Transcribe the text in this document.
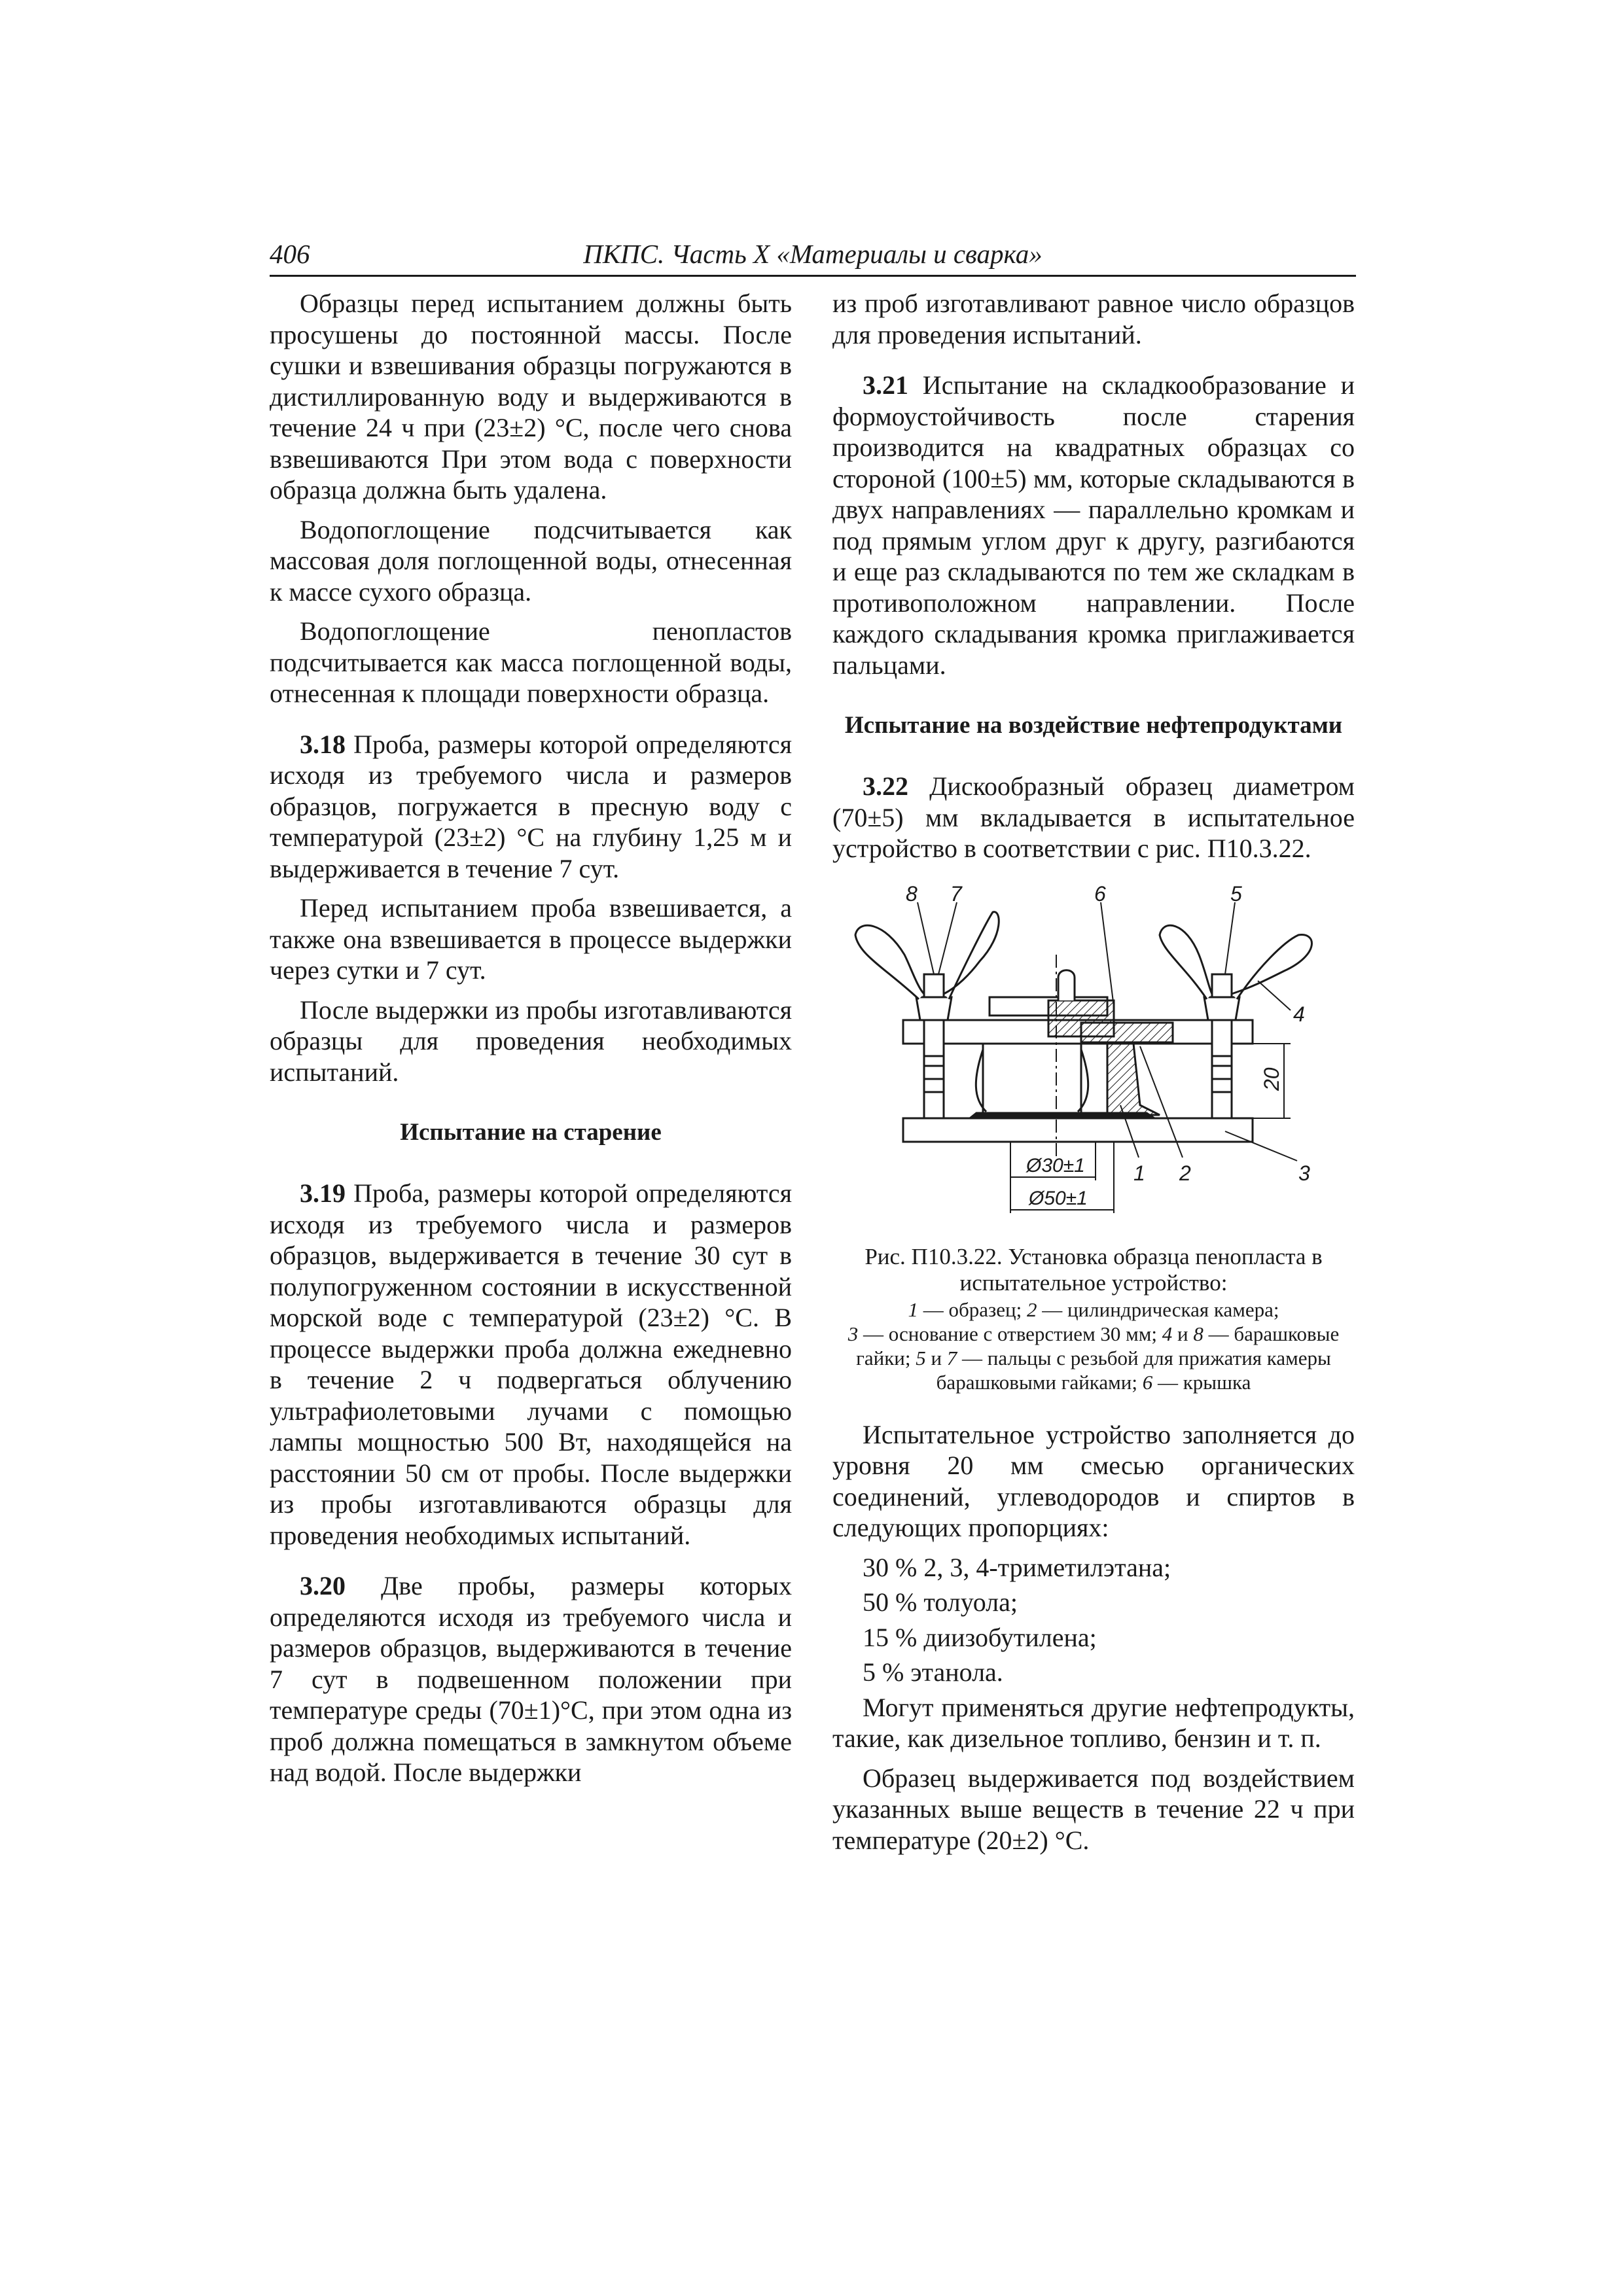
406	ПКПС. Часть X «Материалы и сварка»

Образцы перед испытанием должны быть просушены до постоянной массы. После сушки и взвешивания образцы погружаются в дистиллированную воду и выдерживаются в течение 24 ч при (23±2) °С, после чего снова взвешиваются При этом вода с поверхности образца должна быть удалена.

Водопоглощение подсчитывается как массовая доля поглощенной воды, отнесенная к массе сухого образца.

Водопоглощение пенопластов подсчитывается как масса поглощенной воды, отнесенная к площади поверхности образца.

3.18 Проба, размеры которой определяются исходя из требуемого числа и размеров образцов, погружается в пресную воду с температурой (23±2) °С на глубину 1,25 м и выдерживается в течение 7 сут.

Перед испытанием проба взвешивается, а также она взвешивается в процессе выдержки через сутки и 7 сут.

После выдержки из пробы изготавливаются образцы для проведения необходимых испытаний.

Испытание на старение

3.19 Проба, размеры которой определяются исходя из требуемого числа и размеров образцов, выдерживается в течение 30 сут в полупогруженном состоянии в искусственной морской воде с температурой (23±2) °С. В процессе выдержки проба должна ежедневно в течение 2 ч подвергаться облучению ультрафиолетовыми лучами с помощью лампы мощностью 500 Вт, находящейся на расстоянии 50 см от пробы. После выдержки из пробы изготавливаются образцы для проведения необходимых испытаний.

3.20 Две пробы, размеры которых определяются исходя из требуемого числа и размеров образцов, выдерживаются в течение 7 сут в подвешенном положении при температуре среды (70±1)°С, при этом одна из проб должна помещаться в замкнутом объеме над водой. После выдержки

из проб изготавливают равное число образцов для проведения испытаний.

3.21 Испытание на складкообразование и формоустойчивость после старения производится на квадратных образцах со стороной (100±5) мм, которые складываются в двух направлениях — параллельно кромкам и под прямым углом друг к другу, разгибаются и еще раз складываются по тем же складкам в противоположном направлении. После каждого складывания кромка приглаживается пальцами.

Испытание на воздействие нефтепродуктами

3.22 Дискообразный образец диаметром (70±5) мм вкладывается в испытательное устройство в соответствии с рис. П10.3.22.

8 7	6	5
4
1 2	3
20
Ø30±1
Ø50±1
Рис. П10.3.22. Установка образца пенопласта в испытательное устройство:
1 — образец; 2 — цилиндрическая камера;
3 — основание с отверстием 30 мм; 4 и 8 — барашковые гайки; 5 и 7 — пальцы с резьбой для прижатия камеры барашковыми гайками; 6 — крышка

Испытательное устройство заполняется до уровня 20 мм смесью органических соединений, углеводородов и спиртов в следующих пропорциях:

30 % 2, 3, 4-триметилэтана;

50 % толуола;

15 % диизобутилена;

5 % этанола.

Могут применяться другие нефтепродукты, такие, как дизельное топливо, бензин и т. п.

Образец выдерживается под воздействием указанных выше веществ в течение 22 ч при температуре (20±2) °С.
